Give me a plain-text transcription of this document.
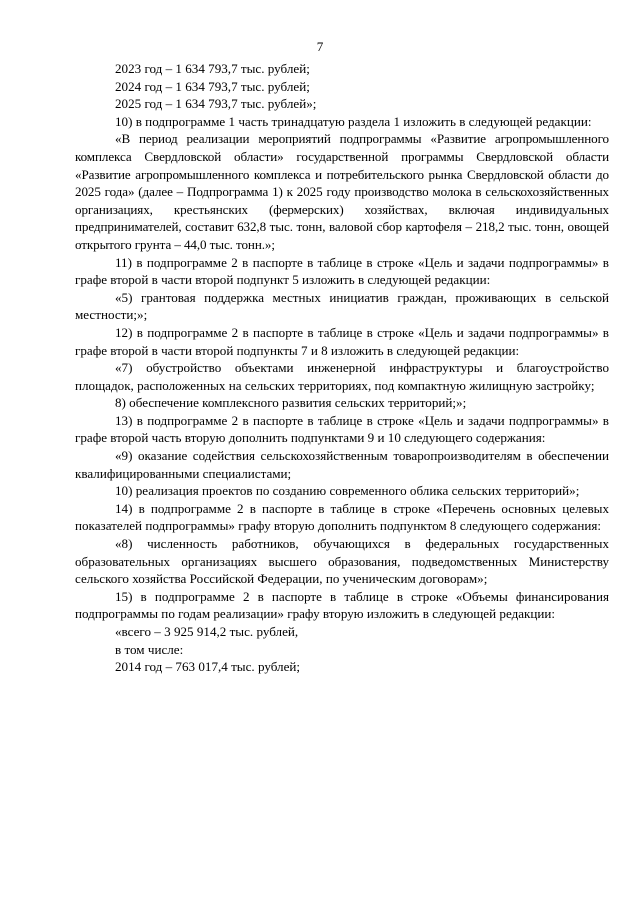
7

2023 год – 1 634 793,7 тыс. рублей;

2024 год – 1 634 793,7 тыс. рублей;

2025 год – 1 634 793,7 тыс. рублей»;

10) в подпрограмме 1 часть тринадцатую раздела 1 изложить в следующей редакции:

«В период реализации мероприятий подпрограммы «Развитие агропромышленного комплекса Свердловской области» государственной программы Свердловской области «Развитие агропромышленного комплекса и потребительского рынка Свердловской области до 2025 года» (далее – Подпрограмма 1) к 2025 году производство молока в сельскохозяйственных организациях, крестьянских (фермерских) хозяйствах, включая индивидуальных предпринимателей, составит 632,8 тыс. тонн, валовой сбор картофеля – 218,2 тыс. тонн, овощей открытого грунта – 44,0 тыс. тонн.»;

11) в подпрограмме 2 в паспорте в таблице в строке «Цель и задачи подпрограммы» в графе второй в части второй подпункт 5 изложить в следующей редакции:

«5) грантовая поддержка местных инициатив граждан, проживающих в сельской местности;»;

12) в подпрограмме 2 в паспорте в таблице в строке «Цель и задачи подпрограммы» в графе второй в части второй подпункты 7 и 8 изложить в следующей редакции:

«7) обустройство объектами инженерной инфраструктуры и благоустройство площадок, расположенных на сельских территориях, под компактную жилищную застройку;

8) обеспечение комплексного развития сельских территорий;»;

13) в подпрограмме 2 в паспорте в таблице в строке «Цель и задачи подпрограммы» в графе второй часть вторую дополнить подпунктами 9 и 10 следующего содержания:

«9) оказание содействия сельскохозяйственным товаропроизводителям в обеспечении квалифицированными специалистами;

10) реализация проектов по созданию современного облика сельских территорий»;

14) в подпрограмме 2 в паспорте в таблице в строке «Перечень основных целевых показателей подпрограммы» графу вторую дополнить подпунктом 8 следующего содержания:

«8) численность работников, обучающихся в федеральных государственных образовательных организациях высшего образования, подведомственных Министерству сельского хозяйства Российской Федерации, по ученическим договорам»;

15) в подпрограмме 2 в паспорте в таблице в строке «Объемы финансирования подпрограммы по годам реализации» графу вторую изложить в следующей редакции:

«всего – 3 925 914,2 тыс. рублей,

в том числе:

2014 год – 763 017,4 тыс. рублей;
